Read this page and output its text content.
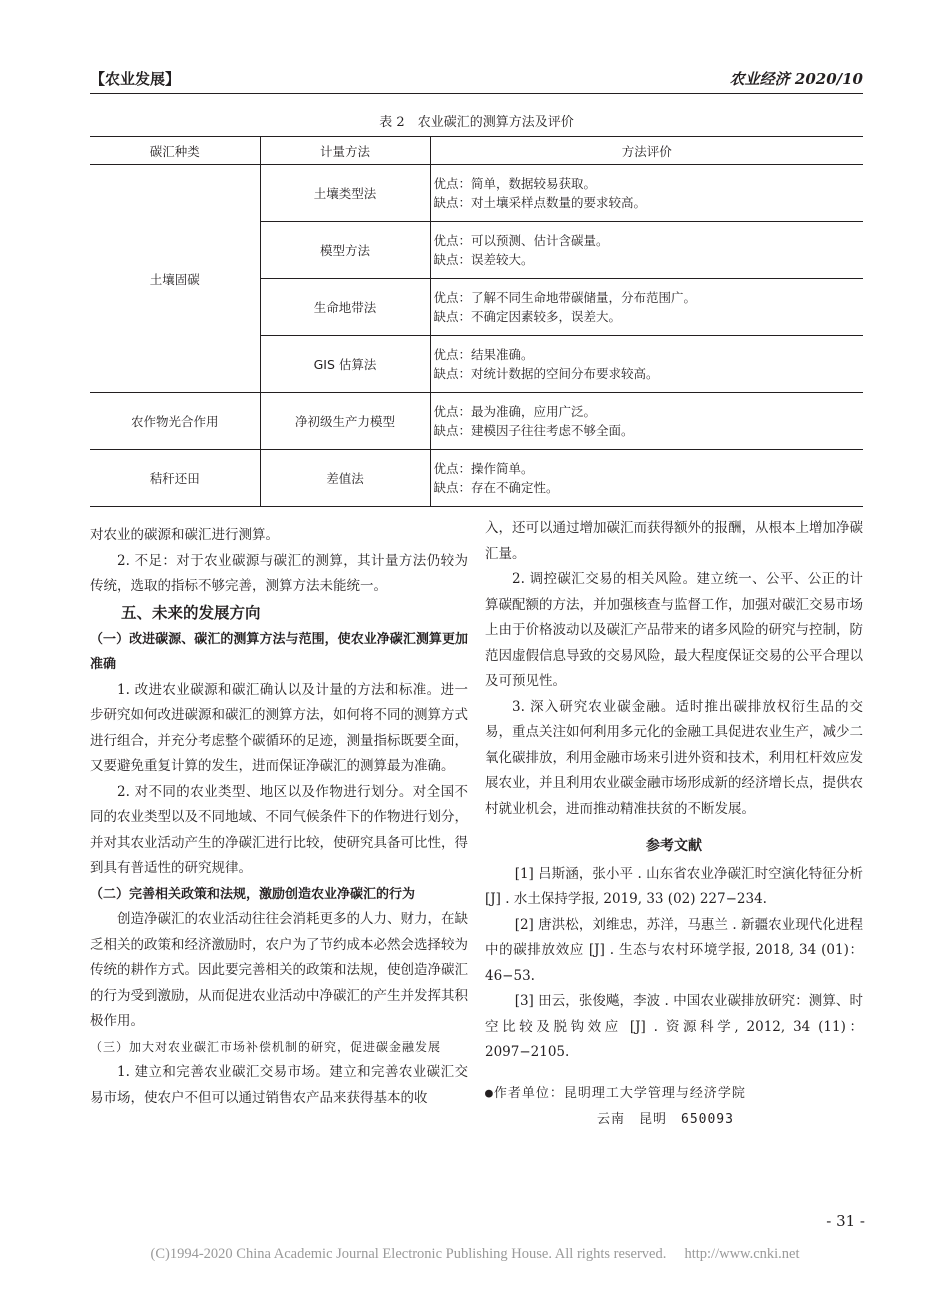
【农业发展】	农业经济 2020/10
表 2　农业碳汇的测算方法及评价
碳汇种类	计量方法	方法评价
土壤固碳	土壤类型法	优点：简单，数据较易获取。
缺点：对土壤采样点数量的要求较高。

	模型方法	优点：可以预测、估计含碳量。
缺点：误差较大。

	生命地带法	优点：了解不同生命地带碳储量，分布范围广。
缺点：不确定因素较多，误差大。

	GIS 估算法	优点：结果准确。
缺点：对统计数据的空间分布要求较高。

农作物光合作用	净初级生产力模型	优点：最为准确，应用广泛。
缺点：建模因子往往考虑不够全面。

秸秆还田	差值法	优点：操作简单。
缺点：存在不确定性。

对农业的碳源和碳汇进行测算。

2. 不足：对于农业碳源与碳汇的测算，其计量方法仍较为传统，选取的指标不够完善，测算方法未能统一。

五、未来的发展方向

（一）改进碳源、碳汇的测算方法与范围，使农业净碳汇测算更加准确

1. 改进农业碳源和碳汇确认以及计量的方法和标准。进一步研究如何改进碳源和碳汇的测算方法，如何将不同的测算方式进行组合，并充分考虑整个碳循环的足迹，测量指标既要全面，又要避免重复计算的发生，进而保证净碳汇的测算最为准确。

2. 对不同的农业类型、地区以及作物进行划分。对全国不同的农业类型以及不同地域、不同气候条件下的作物进行划分，并对其农业活动产生的净碳汇进行比较，使研究具备可比性，得到具有普适性的研究规律。

（二）完善相关政策和法规，激励创造农业净碳汇的行为

创造净碳汇的农业活动往往会消耗更多的人力、财力，在缺乏相关的政策和经济激励时，农户为了节约成本必然会选择较为传统的耕作方式。因此要完善相关的政策和法规，使创造净碳汇的行为受到激励，从而促进农业活动中净碳汇的产生并发挥其积极作用。

（三）加大对农业碳汇市场补偿机制的研究，促进碳金融发展

1. 建立和完善农业碳汇交易市场。建立和完善农业碳汇交易市场，使农户不但可以通过销售农产品来获得基本的收

入，还可以通过增加碳汇而获得额外的报酬，从根本上增加净碳汇量。

2. 调控碳汇交易的相关风险。建立统一、公平、公正的计算碳配额的方法，并加强核查与监督工作，加强对碳汇交易市场上由于价格波动以及碳汇产品带来的诸多风险的研究与控制，防范因虚假信息导致的交易风险，最大程度保证交易的公平合理以及可预见性。

3. 深入研究农业碳金融。适时推出碳排放权衍生品的交易，重点关注如何利用多元化的金融工具促进农业生产，减少二氧化碳排放，利用金融市场来引进外资和技术，利用杠杆效应发展农业，并且利用农业碳金融市场形成新的经济增长点，提供农村就业机会，进而推动精准扶贫的不断发展。

参考文献

[1] 吕斯涵，张小平 . 山东省农业净碳汇时空演化特征分析 [J] . 水土保持学报, 2019, 33 (02) 227−234.

[2] 唐洪松，刘维忠，苏洋，马惠兰 . 新疆农业现代化进程中的碳排放效应 [J] . 生态与农村环境学报, 2018, 34 (01)：46−53.

[3] 田云，张俊飚，李波 . 中国农业碳排放研究：测算、时空比较及脱钩效应 [J] . 资源科学, 2012, 34 (11)：2097−2105.

●作者单位：昆明理工大学管理与经济学院

云南　昆明　650093

- 31 -
(C)1994-2020 China Academic Journal Electronic Publishing House. All rights reserved.　 http://www.cnki.net
